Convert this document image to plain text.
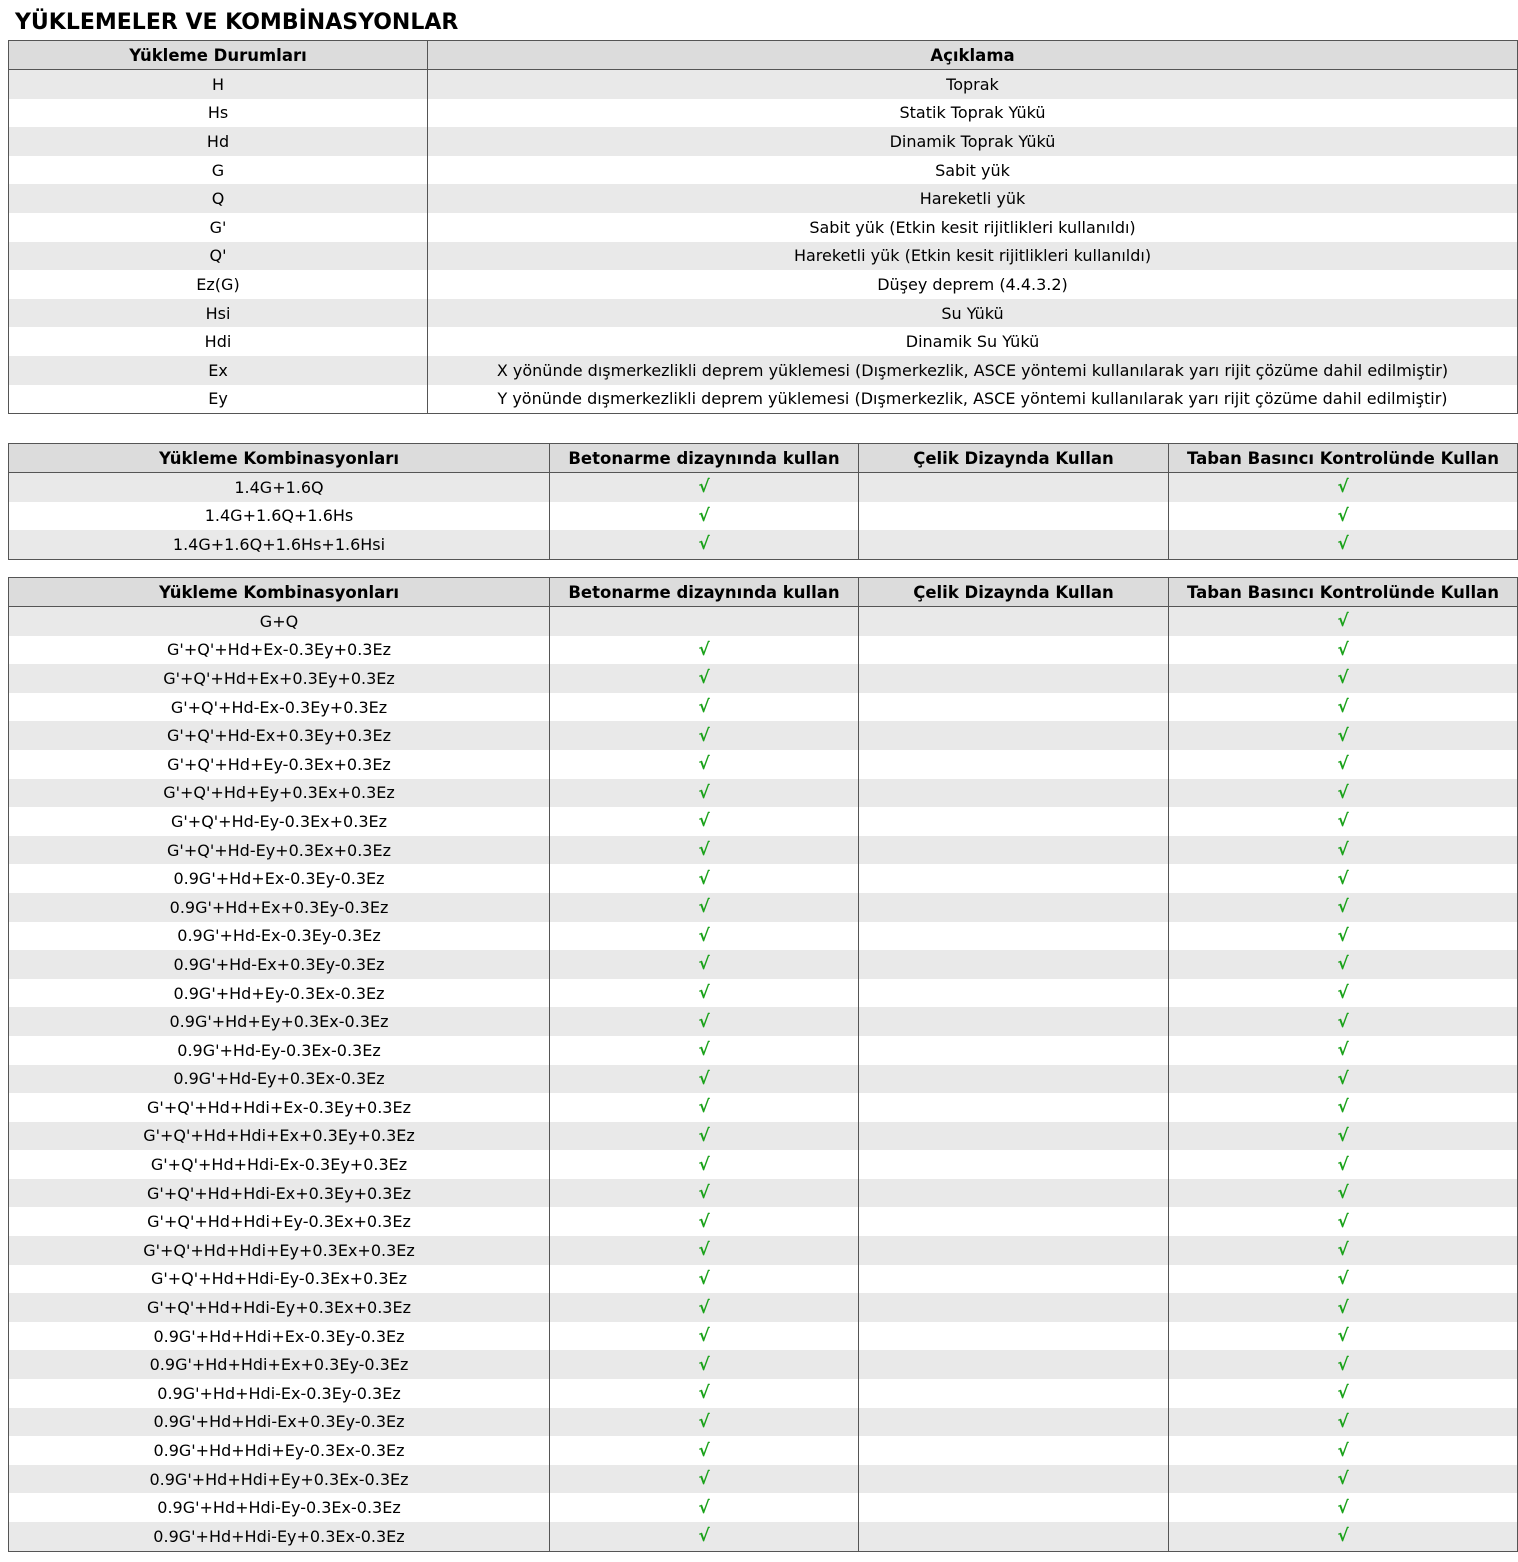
YÜKLEMELER VE KOMBİNASYONLAR
Yükleme Durumları	Açıklama
H	Toprak
Hs	Statik Toprak Yükü
Hd	Dinamik Toprak Yükü
G	Sabit yük
Q	Hareketli yük
G'	Sabit yük (Etkin kesit rijitlikleri kullanıldı)
Q'	Hareketli yük (Etkin kesit rijitlikleri kullanıldı)
Ez(G)	Düşey deprem (4.4.3.2)
Hsi	Su Yükü
Hdi	Dinamik Su Yükü
Ex	X yönünde dışmerkezlikli deprem yüklemesi (Dışmerkezlik, ASCE yöntemi kullanılarak yarı rijit çözüme dahil edilmiştir)
Ey	Y yönünde dışmerkezlikli deprem yüklemesi (Dışmerkezlik, ASCE yöntemi kullanılarak yarı rijit çözüme dahil edilmiştir)
Yükleme Kombinasyonları	Betonarme dizaynında kullan	Çelik Dizaynda Kullan	Taban Basıncı Kontrolünde Kullan
1.4G+1.6Q	√		√
1.4G+1.6Q+1.6Hs	√		√
1.4G+1.6Q+1.6Hs+1.6Hsi	√		√
Yükleme Kombinasyonları	Betonarme dizaynında kullan	Çelik Dizaynda Kullan	Taban Basıncı Kontrolünde Kullan
G+Q			√
G'+Q'+Hd+Ex-0.3Ey+0.3Ez	√		√
G'+Q'+Hd+Ex+0.3Ey+0.3Ez	√		√
G'+Q'+Hd-Ex-0.3Ey+0.3Ez	√		√
G'+Q'+Hd-Ex+0.3Ey+0.3Ez	√		√
G'+Q'+Hd+Ey-0.3Ex+0.3Ez	√		√
G'+Q'+Hd+Ey+0.3Ex+0.3Ez	√		√
G'+Q'+Hd-Ey-0.3Ex+0.3Ez	√		√
G'+Q'+Hd-Ey+0.3Ex+0.3Ez	√		√
0.9G'+Hd+Ex-0.3Ey-0.3Ez	√		√
0.9G'+Hd+Ex+0.3Ey-0.3Ez	√		√
0.9G'+Hd-Ex-0.3Ey-0.3Ez	√		√
0.9G'+Hd-Ex+0.3Ey-0.3Ez	√		√
0.9G'+Hd+Ey-0.3Ex-0.3Ez	√		√
0.9G'+Hd+Ey+0.3Ex-0.3Ez	√		√
0.9G'+Hd-Ey-0.3Ex-0.3Ez	√		√
0.9G'+Hd-Ey+0.3Ex-0.3Ez	√		√
G'+Q'+Hd+Hdi+Ex-0.3Ey+0.3Ez	√		√
G'+Q'+Hd+Hdi+Ex+0.3Ey+0.3Ez	√		√
G'+Q'+Hd+Hdi-Ex-0.3Ey+0.3Ez	√		√
G'+Q'+Hd+Hdi-Ex+0.3Ey+0.3Ez	√		√
G'+Q'+Hd+Hdi+Ey-0.3Ex+0.3Ez	√		√
G'+Q'+Hd+Hdi+Ey+0.3Ex+0.3Ez	√		√
G'+Q'+Hd+Hdi-Ey-0.3Ex+0.3Ez	√		√
G'+Q'+Hd+Hdi-Ey+0.3Ex+0.3Ez	√		√
0.9G'+Hd+Hdi+Ex-0.3Ey-0.3Ez	√		√
0.9G'+Hd+Hdi+Ex+0.3Ey-0.3Ez	√		√
0.9G'+Hd+Hdi-Ex-0.3Ey-0.3Ez	√		√
0.9G'+Hd+Hdi-Ex+0.3Ey-0.3Ez	√		√
0.9G'+Hd+Hdi+Ey-0.3Ex-0.3Ez	√		√
0.9G'+Hd+Hdi+Ey+0.3Ex-0.3Ez	√		√
0.9G'+Hd+Hdi-Ey-0.3Ex-0.3Ez	√		√
0.9G'+Hd+Hdi-Ey+0.3Ex-0.3Ez	√		√
